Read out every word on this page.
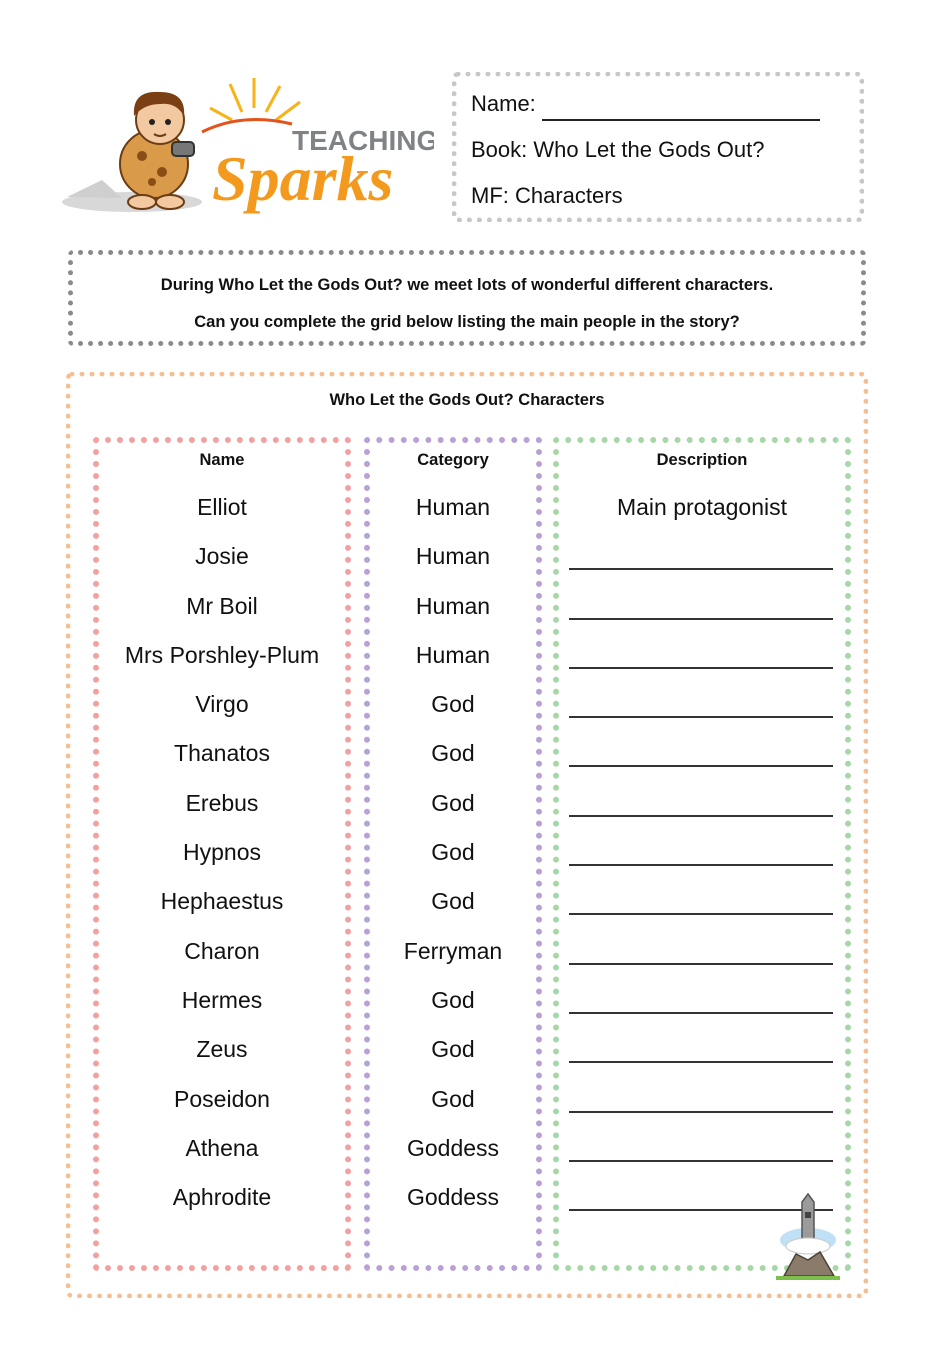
TEACHING
Sparks
Name:
Book: Who Let the Gods Out?
MF: Characters

During Who Let the Gods Out? we meet lots of wonderful different characters.

Can you complete the grid below listing the main people in the story?

Who Let the Gods Out? Characters
Name
Elliot
Josie
Mr Boil
Mrs Porshley-Plum
Virgo
Thanatos
Erebus
Hypnos
Hephaestus
Charon
Hermes
Zeus
Poseidon
Athena
Aphrodite
Category
Human
Human
Human
Human
God
God
God
God
God
Ferryman
God
God
God
Goddess
Goddess
Description
Main protagonist
